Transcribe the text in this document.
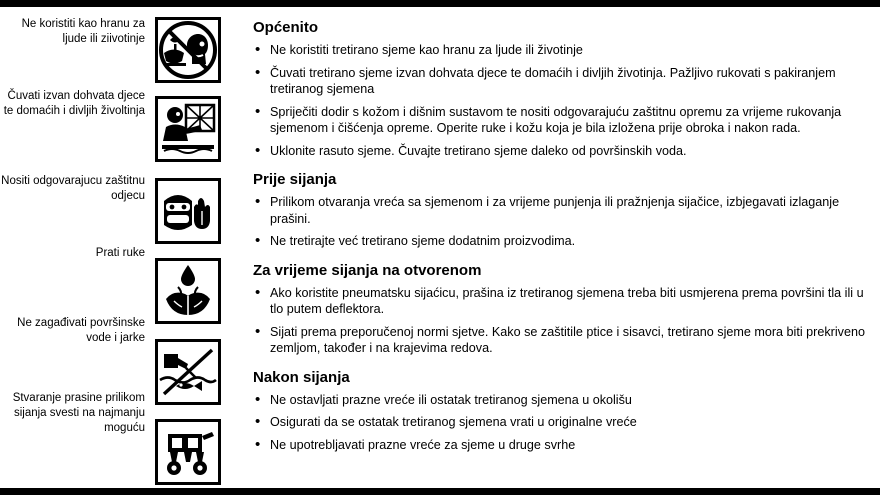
Ne koristiti kao hranu za ljude ili ziivotinje
Čuvati izvan dohvata djece te domaćih i divljih živoltinja
Nositi odgovarajucu zaštitnu odjecu
Prati ruke
Ne zagađivati površinske vode i jarke
Stvaranje prasine prilikom sijanja svesti na najmanju moguću
Općenito
• Ne koristiti tretirano sjeme kao hranu za ljude ili životinje
• Čuvati tretirano sjeme izvan dohvata djece te domaćih i divljih životinja. Pažljivo rukovati s pakiranjem tretiranog sjemena
• Spriječiti dodir s kožom i dišnim sustavom te nositi odgovarajuću zaštitnu opremu za vrijeme rukovanja sjemenom i čišćenja opreme. Operite ruke i kožu koja je bila izložena prije obroka i nakon rada.
• Uklonite rasuto sjeme. Čuvajte tretirano sjeme daleko od površinskih voda.
Prije sijanja
• Prilikom otvaranja vreća sa sjemenom i za vrijeme punjenja ili pražnjenja sijačice, izbjegavati izlaganje prašini.
• Ne tretirajte već tretirano sjeme dodatnim proizvodima.
Za vrijeme sijanja na otvorenom
• Ako koristite pneumatsku sijaćicu, prašina iz tretiranog sjemena treba biti usmjerena prema površini tla ili u tlo putem deflektora.
• Sijati prema preporučenoj normi sjetve. Kako se zaštitile ptice i sisavci, tretirano sjeme mora biti prekriveno zemljom, također i na krajevima redova.
Nakon sijanja
• Ne ostavljati prazne vreće ili ostatak tretiranog sjemena u okolišu
• Osigurati da se ostatak tretiranog sjemena vrati u originalne vreće
• Ne upotrebljavati prazne vreće za sjeme u druge svrhe
